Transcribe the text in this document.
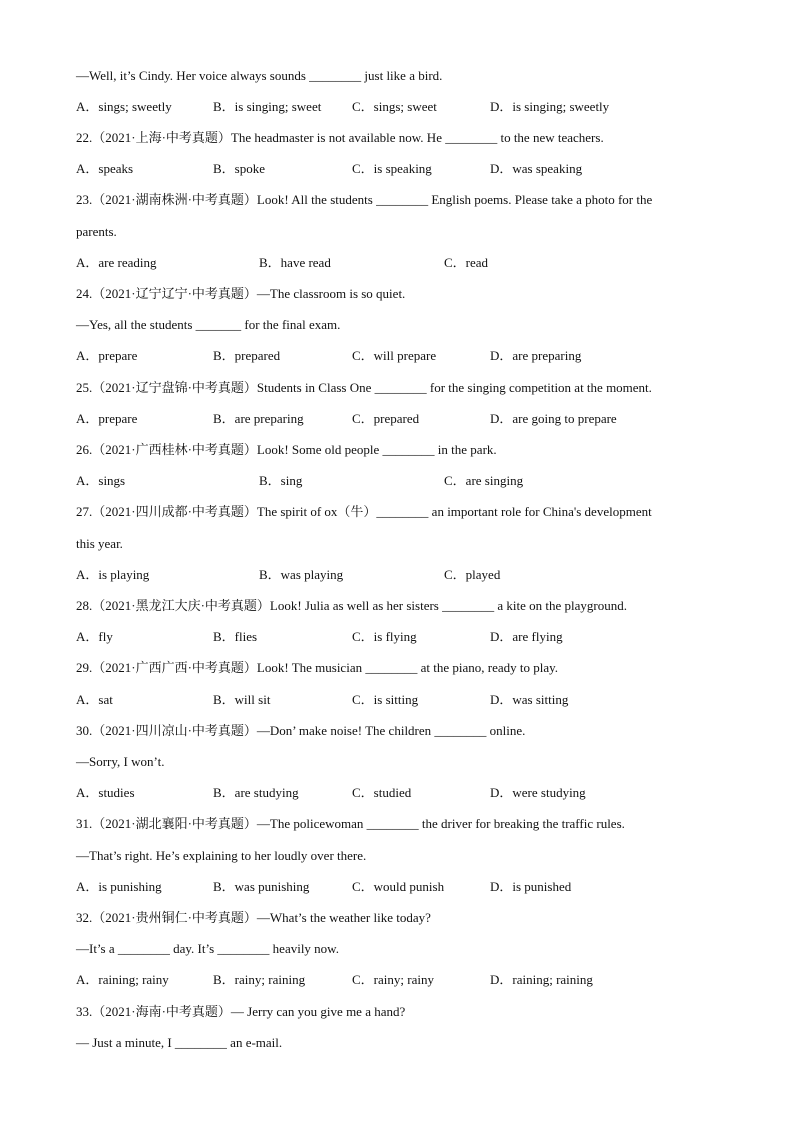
—Well, it’s Cindy. Her voice always sounds ________ just like a bird.
A．sings; sweetly	B．is singing; sweet C．sings; sweet	D．is singing; sweetly
22.（2021·上海·中考真题）The headmaster is not available now. He ________ to the new teachers.
A．speaks	B．spoke	C．is speaking	D．was speaking
23.（2021·湖南株洲·中考真题）Look! All the students ________ English poems. Please take a photo for the
parents.
A．are reading	B．have read	C．read
24.（2021·辽宁辽宁·中考真题）—The classroom is so quiet.
—Yes, all the students _______ for the final exam.
A．prepare	B．prepared	C．will prepare	D．are preparing
25.（2021·辽宁盘锦·中考真题）Students in Class One ________ for the singing competition at the moment.
A．prepare	B．are preparing	C．prepared	D．are going to prepare
26.（2021·广西桂林·中考真题）Look! Some old people ________ in the park.
A．sings	B．sing	C．are singing
27.（2021·四川成都·中考真题）The spirit of ox（牛）________ an important role for China's development
this year.
A．is playing	B．was playing	C．played
28.（2021·黑龙江大庆·中考真题）Look! Julia as well as her sisters ________ a kite on the playground.
A．fly	B．flies	C．is flying	D．are flying
29.（2021·广西广西·中考真题）Look! The musician ________ at the piano, ready to play.
A．sat	B．will sit	C．is sitting	D．was sitting
30.（2021·四川凉山·中考真题）—Don’ make noise! The children ________ online.
—Sorry, I won’t.
A．studies	B．are studying	C．studied	D．were studying
31.（2021·湖北襄阳·中考真题）—The policewoman ________ the driver for breaking the traffic rules.
—That’s right. He’s explaining to her loudly over there.
A．is punishing	B．was punishing	C．would punish	D．is punished
32.（2021·贵州铜仁·中考真题）—What’s the weather like today?
—It’s a ________ day. It’s ________ heavily now.
A．raining; rainy	B．rainy; raining	C．rainy; rainy	D．raining; raining
33.（2021·海南·中考真题）— Jerry can you give me a hand?
— Just a minute, I ________ an e-mail.
